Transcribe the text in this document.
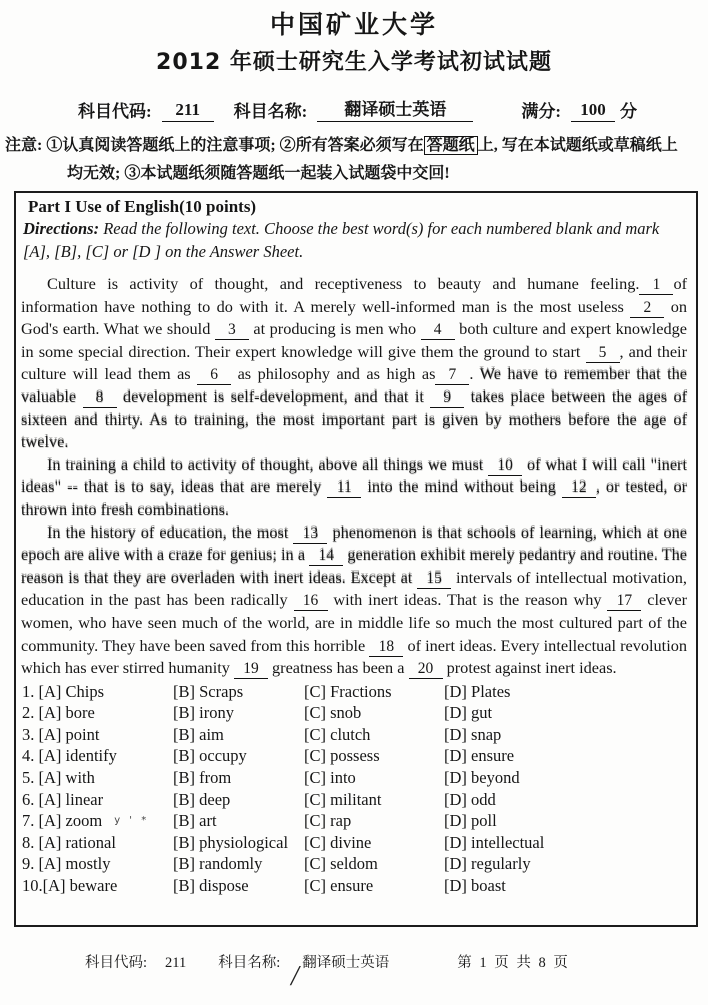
中国矿业大学
2012 年硕士研究生入学考试初试试题
科目代码:	211	科目名称:	翻译硕士英语	满分:	100 分
注意: ①认真阅读答题纸上的注意事项; ②所有答案必须写在 答题纸 上, 写在本试题纸或草稿纸上
均无效; ③本试题纸须随答题纸一起装入试题袋中交回!
Part I Use of English(10 points)
Directions: Read the following text. Choose the best word(s) for each numbered blank and mark [A], [B], [C] or [D ] on the Answer Sheet.

Culture is activity of thought, and receptiveness to beauty and humane feeling. 1 of information have nothing to do with it. A merely well-informed man is the most useless 2 on God's earth. What we should 3 at producing is men who 4 both culture and expert knowledge in some special direction. Their expert knowledge will give them the ground to start 5 , and their culture will lead them as 6 as philosophy and as high as 7 . We have to remember that the valuable 8 development is self-development, and that it 9 takes place between the ages of sixteen and thirty. As to training, the most important part is given by mothers before the age of twelve.

In training a child to activity of thought, above all things we must 10 of what I will call "inert ideas" -- that is to say, ideas that are merely 11 into the mind without being 12 , or tested, or thrown into fresh combinations.

In the history of education, the most 13 phenomenon is that schools of learning, which at one epoch are alive with a craze for genius; in a 14 generation exhibit merely pedantry and routine. The reason is that they are overladen with inert ideas. Except at 15 intervals of intellectual motivation, education in the past has been radically 16 with inert ideas. That is the reason why 17 clever women, who have seen much of the world, are in middle life so much the most cultured part of the community. They have been saved from this horrible 18 of inert ideas. Every intellectual revolution which has ever stirred humanity 19 greatness has been a 20 protest against inert ideas.

1. [A] Chips	[B] Scraps	[C] Fractions	[D] Plates
2. [A] bore	[B] irony	[C] snob	[D] gut
3. [A] point	[B] aim	[C] clutch	[D] snap
4. [A] identify	[B] occupy	[C] possess	[D] ensure
5. [A] with	[B] from	[C] into	[D] beyond
6. [A] linear	[B] deep	[C] militant	[D] odd
7. [A] zoom y ' *	[B] art	[C] rap	[D] poll
8. [A] rational	[B] physiological [C] divine	[D] intellectual
9. [A] mostly	[B] randomly	[C] seldom	[D] regularly
10.[A] beware	[B] dispose	[C] ensure	[D] boast
科目代码: 211 科目名称: 翻译硕士英语	第 1 页 共 8 页
/
